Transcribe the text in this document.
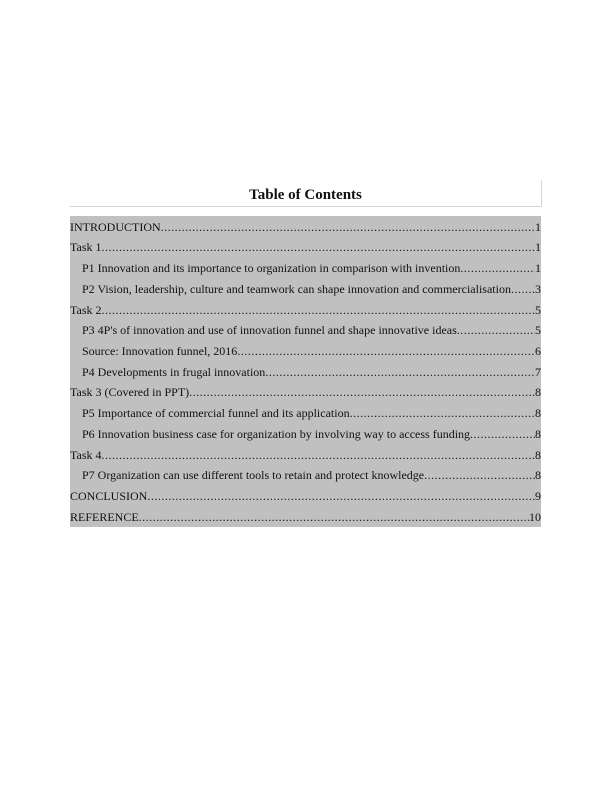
Table of Contents
INTRODUCTION .....	1
Task 1 .....	1
P1 Innovation and its importance to organization in comparison with invention .....	1
P2 Vision, leadership, culture and teamwork can shape innovation and commercialisation ..... 3
Task 2 .....	5
P3 4P's of innovation and use of innovation funnel and shape innovative ideas .....	5
Source: Innovation funnel, 2016 .....	6
P4 Developments in frugal innovation .....	7
Task 3 (Covered in PPT) .....	8
P5 Importance of commercial funnel and its application .....	8
P6 Innovation business case for organization by involving way to access funding .....	8
Task 4 .....	8
P7 Organization can use different tools to retain and protect knowledge .....	8
CONCLUSION .....	9
REFERENCE .....	10
